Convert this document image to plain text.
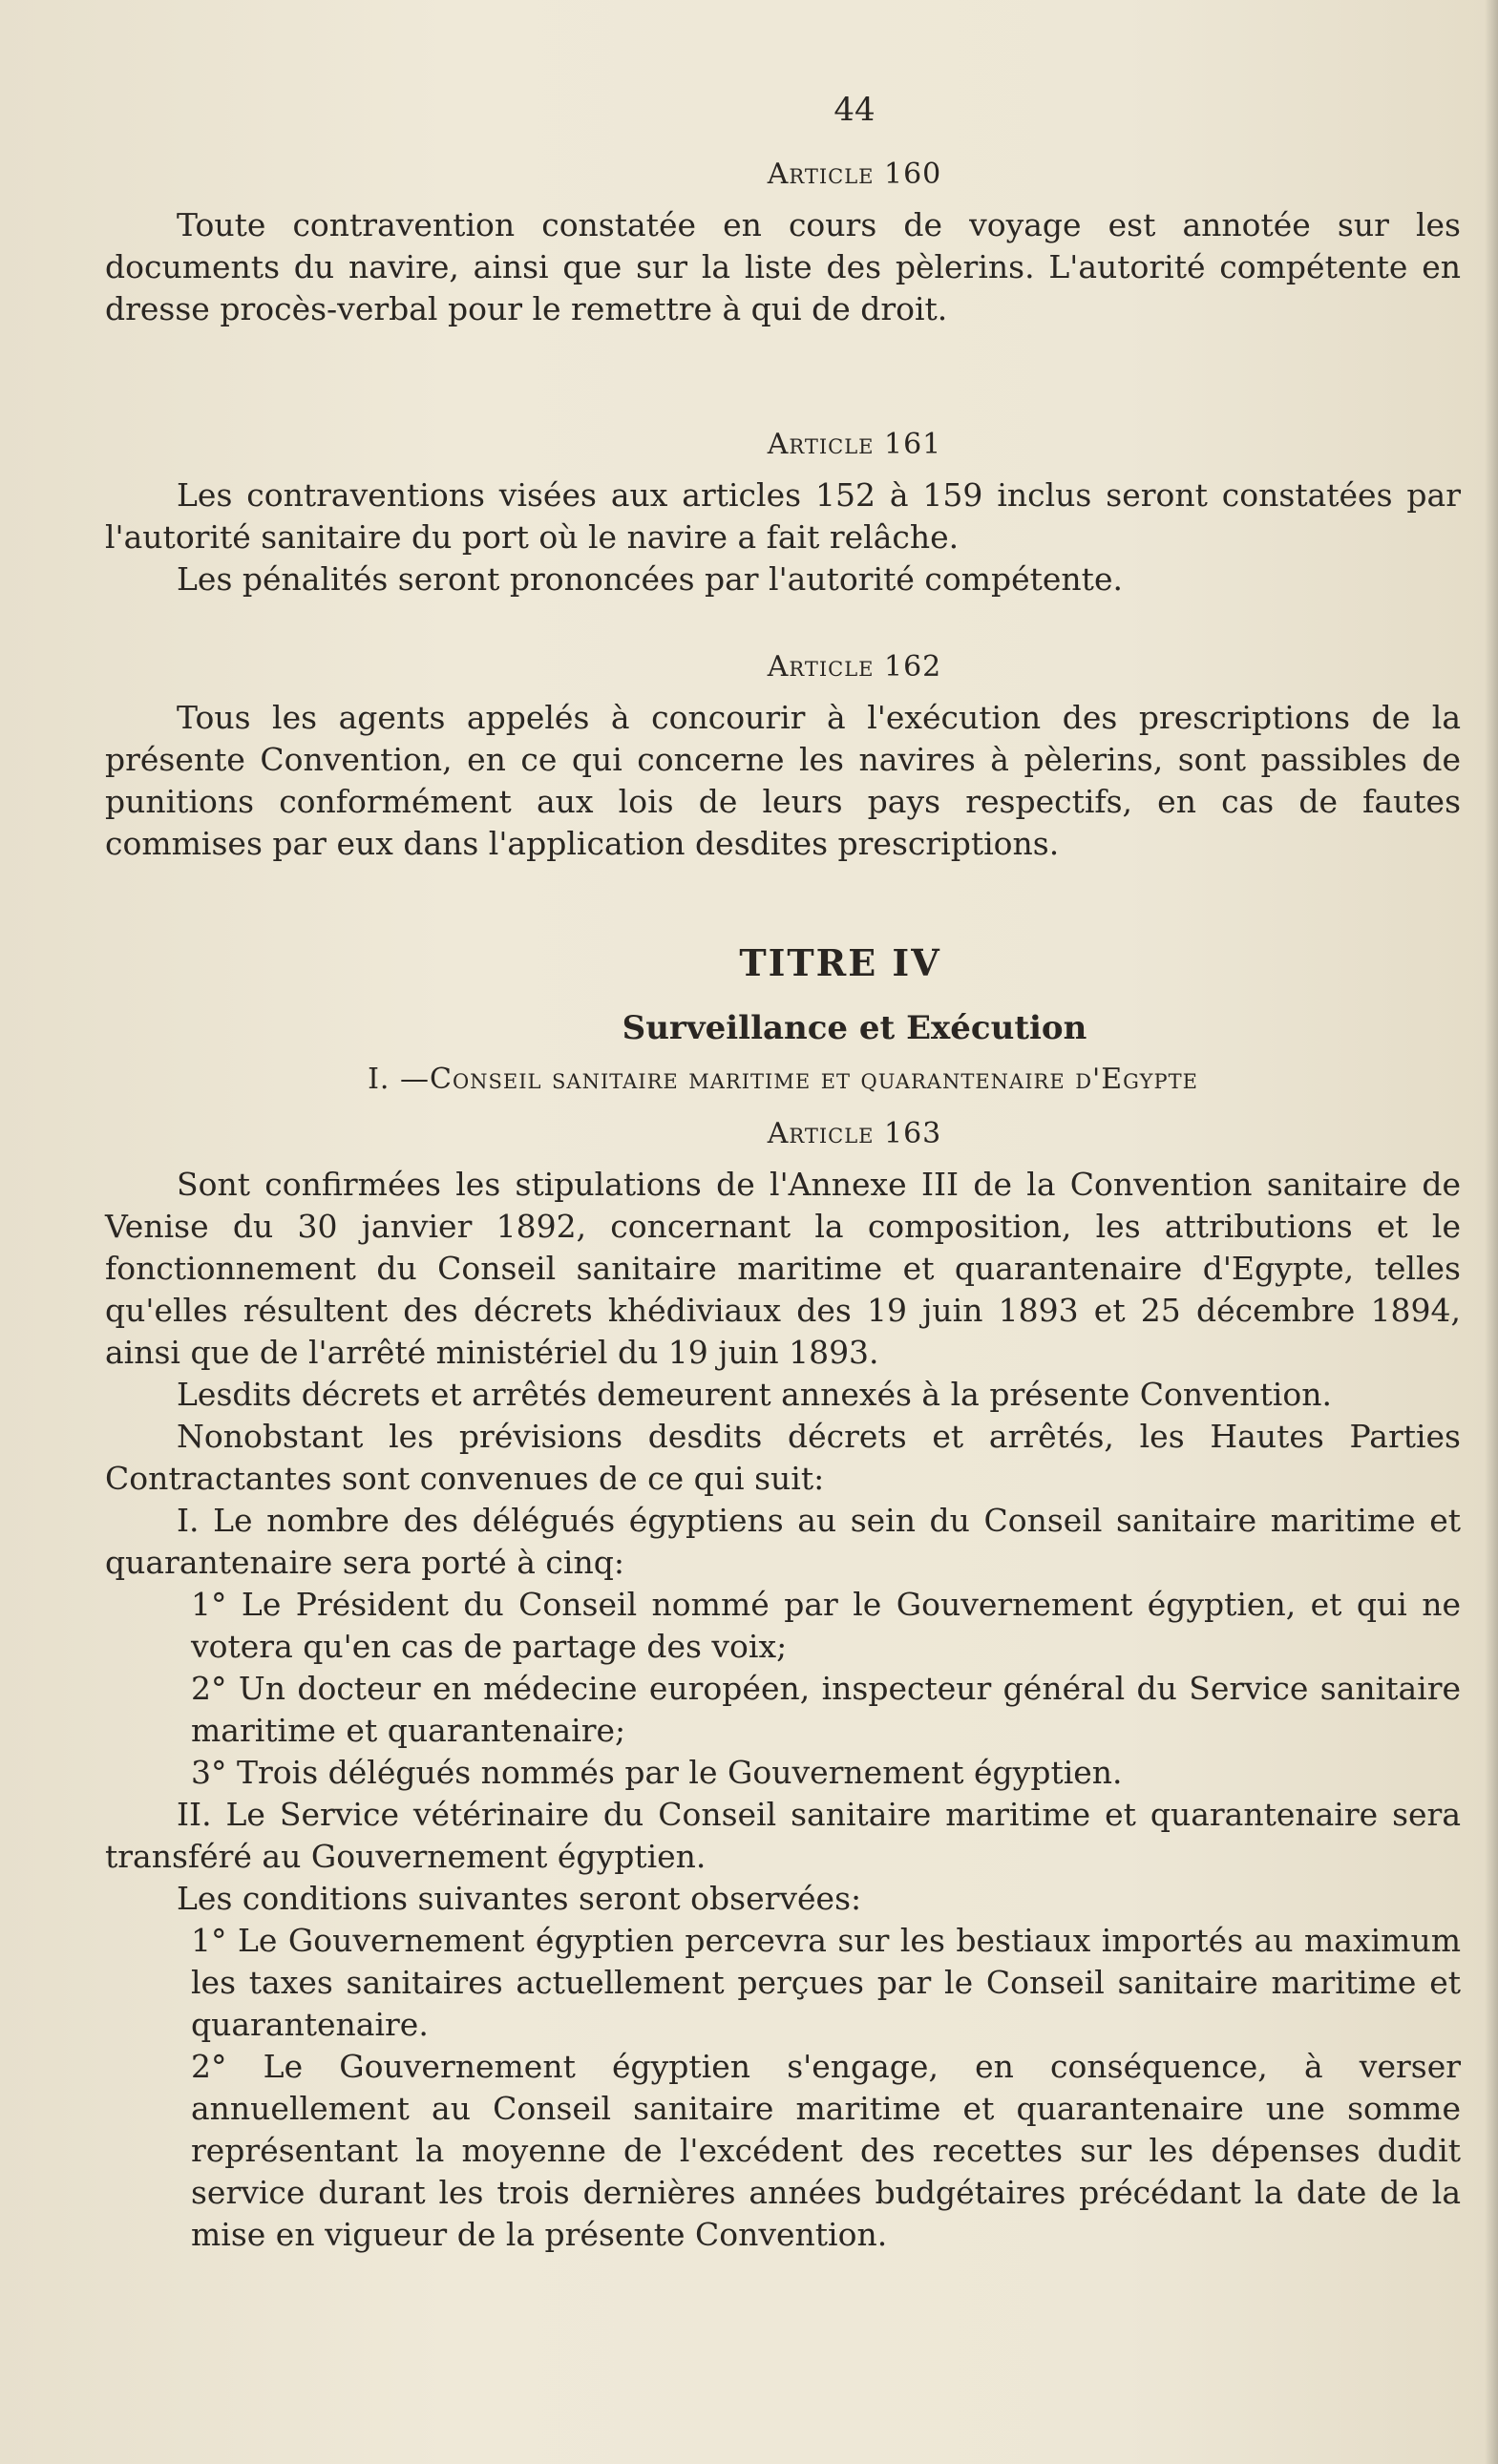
44
Article 160

Toute contravention constatée en cours de voyage est annotée sur les documents du navire, ainsi que sur la liste des pèlerins. L'autorité compétente en dresse procès-verbal pour le remettre à qui de droit.

Article 161

Les contraventions visées aux articles 152 à 159 inclus seront constatées par l'autorité sanitaire du port où le navire a fait relâche.

Les pénalités seront prononcées par l'autorité compétente.

Article 162

Tous les agents appelés à concourir à l'exécution des prescriptions de la présente Convention, en ce qui concerne les navires à pèlerins, sont passibles de punitions conformément aux lois de leurs pays respectifs, en cas de fautes commises par eux dans l'application desdites prescriptions.

TITRE IV
Surveillance et Exécution
I. —Conseil sanitaire maritime et quarantenaire d'Egypte
Article 163

Sont confirmées les stipulations de l'Annexe III de la Convention sanitaire de Venise du 30 janvier 1892, concernant la composition, les attributions et le fonctionnement du Conseil sanitaire maritime et quarantenaire d'Egypte, telles qu'elles résultent des décrets khédiviaux des 19 juin 1893 et 25 décembre 1894, ainsi que de l'arrêté ministériel du 19 juin 1893.

Lesdits décrets et arrêtés demeurent annexés à la présente Convention.

Nonobstant les prévisions desdits décrets et arrêtés, les Hautes Parties Contractantes sont convenues de ce qui suit:

I. Le nombre des délégués égyptiens au sein du Conseil sanitaire maritime et quarantenaire sera porté à cinq:

1° Le Président du Conseil nommé par le Gouvernement égyptien, et qui ne votera qu'en cas de partage des voix;

2° Un docteur en médecine européen, inspecteur général du Service sanitaire maritime et quarantenaire;

3° Trois délégués nommés par le Gouvernement égyptien.

II. Le Service vétérinaire du Conseil sanitaire maritime et quarantenaire sera transféré au Gouvernement égyptien.

Les conditions suivantes seront observées:

1° Le Gouvernement égyptien percevra sur les bestiaux importés au maximum les taxes sanitaires actuellement perçues par le Conseil sanitaire maritime et quarantenaire.

2° Le Gouvernement égyptien s'engage, en conséquence, à verser annuellement au Conseil sanitaire maritime et quarantenaire une somme représentant la moyenne de l'excédent des recettes sur les dépenses dudit service durant les trois dernières années budgétaires précédant la date de la mise en vigueur de la présente Convention.
